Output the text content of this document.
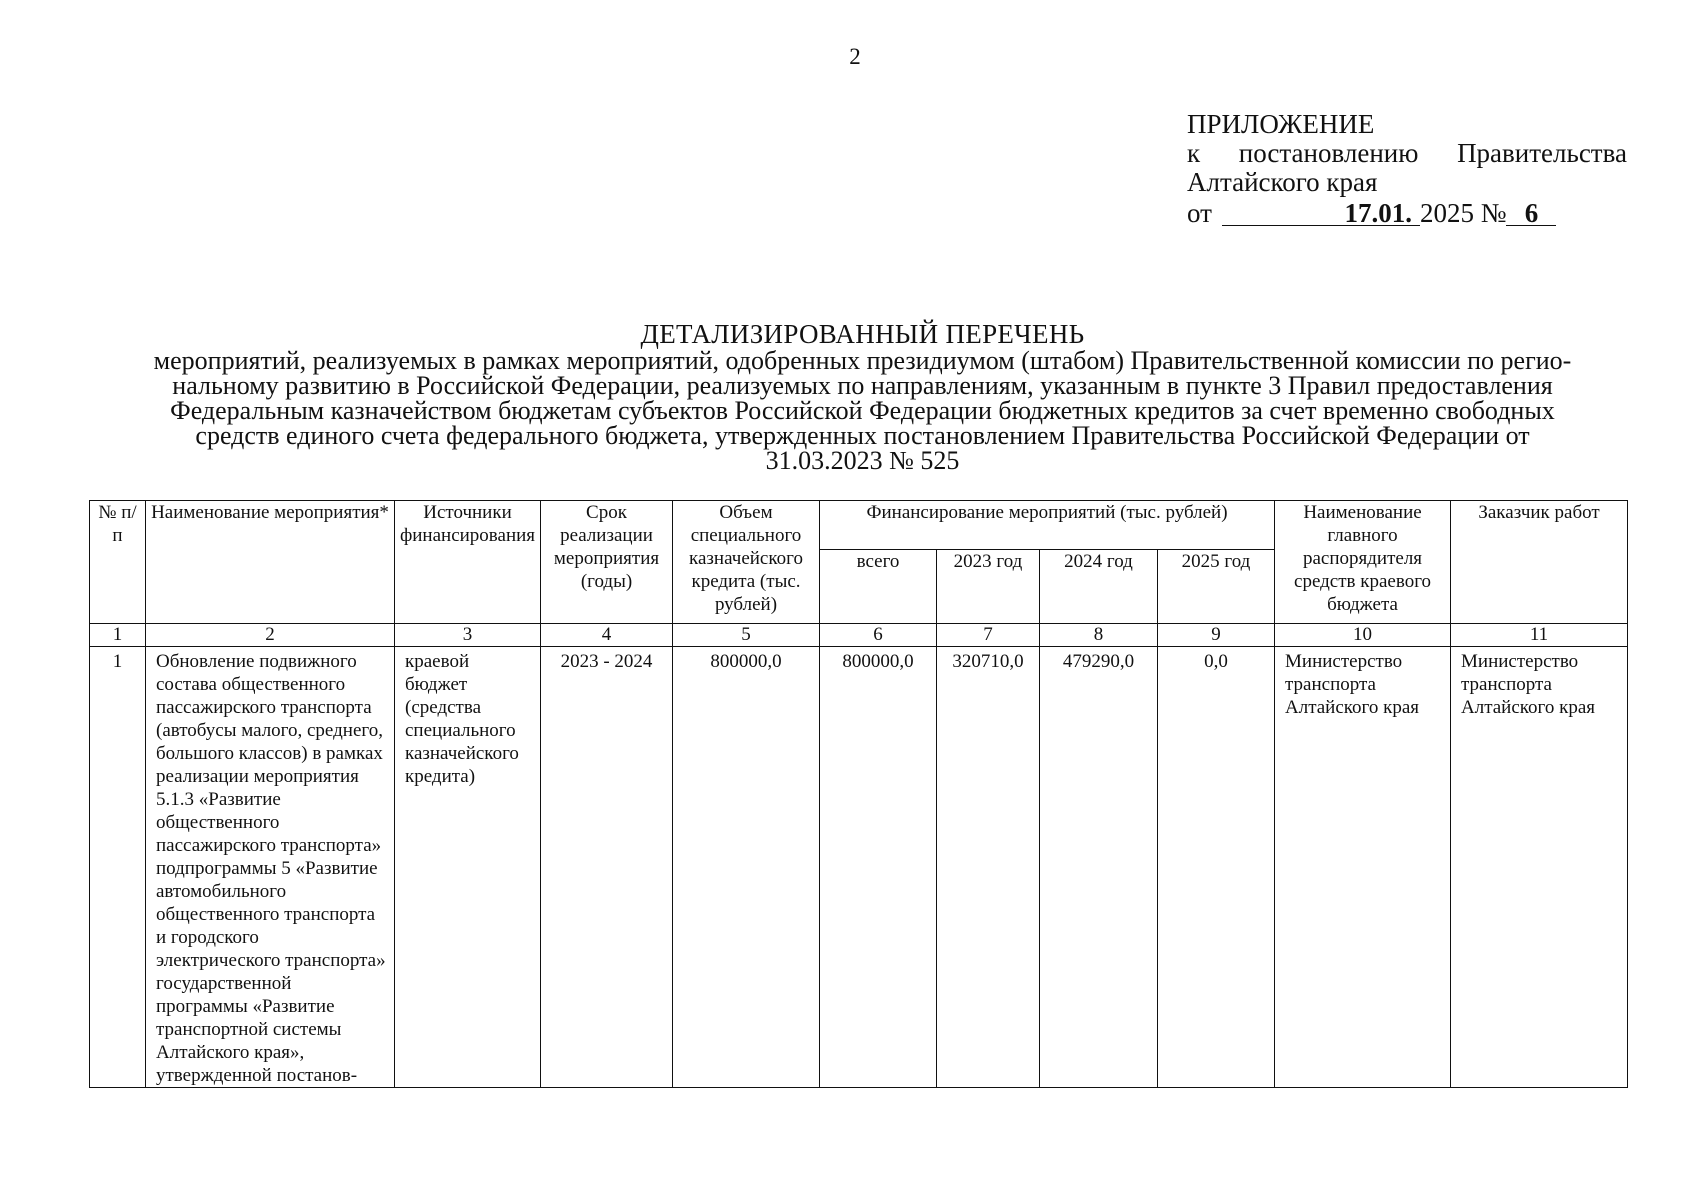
2
ПРИЛОЖЕНИЕ
к постановлению Правительства
Алтайского края
от	17.01. 2025 № 6
ДЕТАЛИЗИРОВАННЫЙ ПЕРЕЧЕНЬ
мероприятий, реализуемых в рамках мероприятий, одобренных президиумом (штабом) Правительственной комиссии по регио-
нальному развитию в Российской Федерации, реализуемых по направлениям, указанным в пункте 3 Правил предоставления
Федеральным казначейством бюджетам субъектов Российской Федерации бюджетных кредитов за счет временно свободных
средств единого счета федерального бюджета, утвержденных постановлением Правительства Российской Федерации от
31.03.2023 № 525
№ п/п	Наименование мероприятия*	Источники финансирования	Срок реализации мероприятия (годы)	Объем специального казначейского кредита (тыс. рублей)	Финансирование мероприятий (тыс. рублей)				Наименование главного распорядителя средств краевого бюджета	Заказчик работ
					всего	2023 год	2024 год	2025 год		
1	2	3	4	5	6	7	8	9	10	11
1	Обновление подвижного состава общественного пассажирского транспорта (автобусы малого, среднего, большого классов) в рамках реализации мероприятия 5.1.3 «Развитие общественного пассажирского транспорта» подпрограммы 5 «Развитие автомобильного общественного транспорта и городского электрического транспорта» государственной программы «Развитие транспортной системы Алтайского края», утвержденной постанов-	краевой бюджет (средства специального казначейского кредита)	2023 - 2024	800000,0	800000,0	320710,0	479290,0	0,0	Министерство транспорта Алтайского края	Министерство транспорта Алтайского края
